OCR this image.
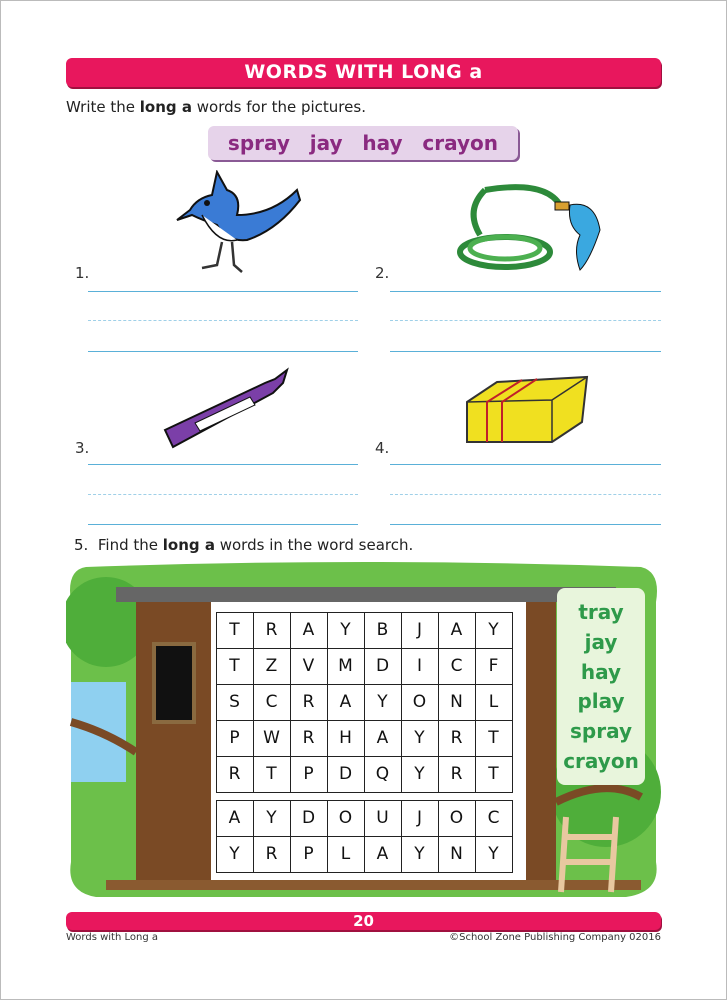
WORDS WITH LONG a
Write the long a words for the pictures.
spray jay hay crayon
1.	2.
3.	4.
5. Find the long a words in the word search.
T	R	A	Y	B	J	A	Y
T	Z	V	M	D	I	C	F
S	C	R	A	Y	O	N	L
P	W	R	H	A	Y	R	T
R	T	P	D	Q	Y	R	T
A	Y	D	O	U	J	O	C
Y	R	P	L	A	Y	N	Y
tray
jay
hay
play
spray
crayon
20
Words with Long a	©School Zone Publishing Company 02016
